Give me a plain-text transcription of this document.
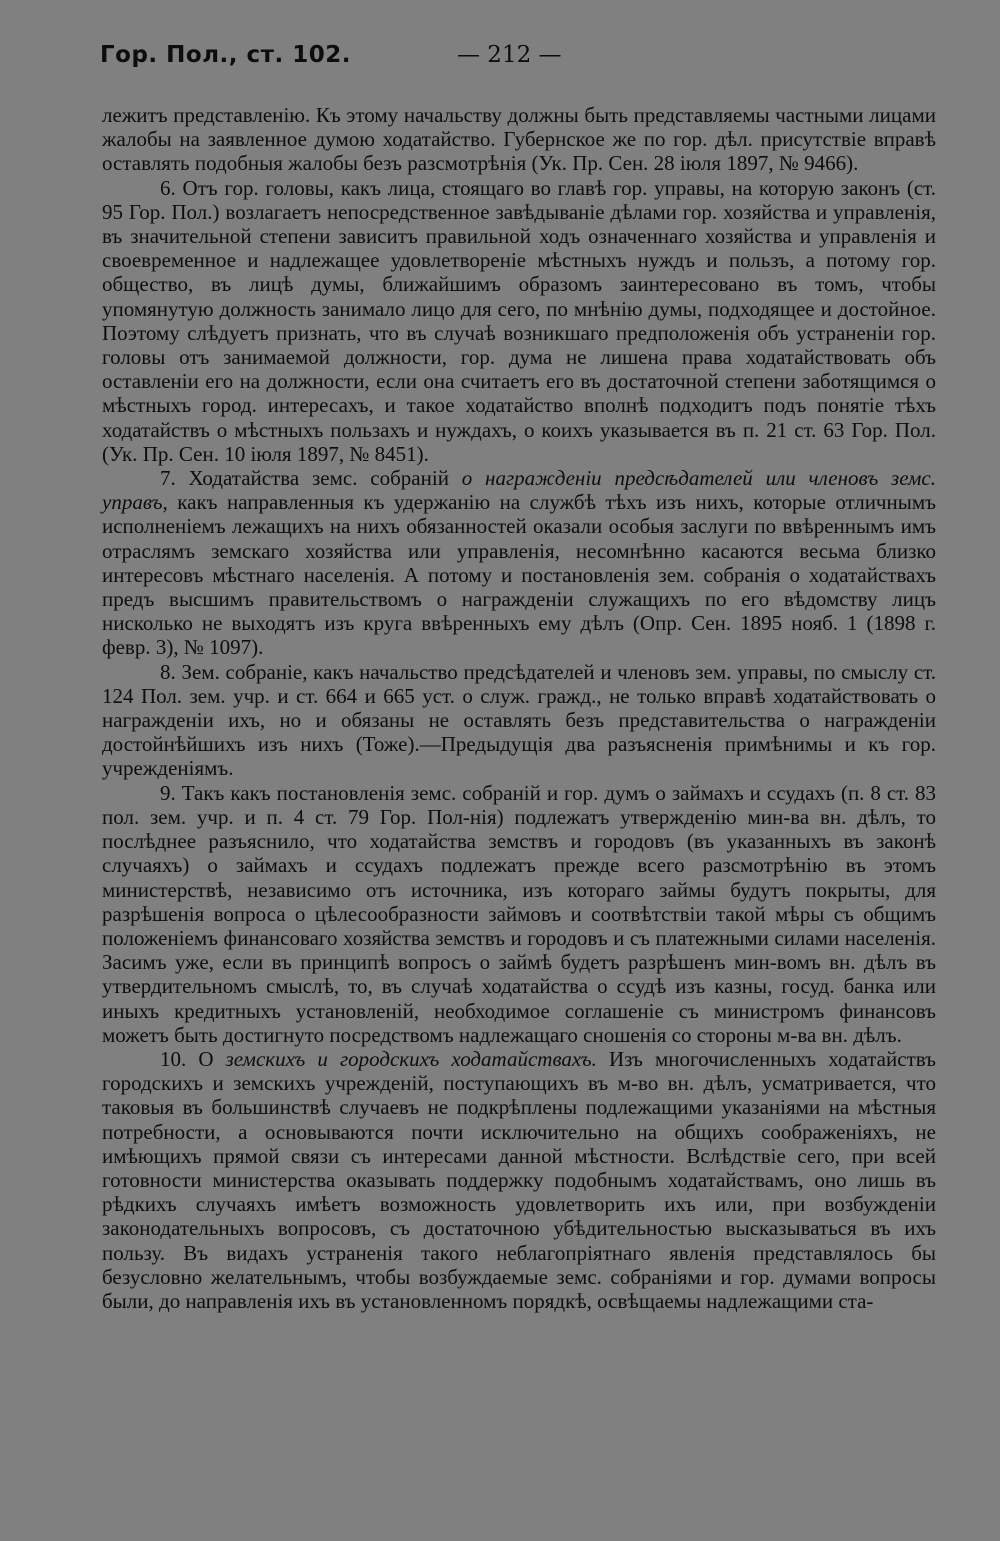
Гор. Пол., ст. 102.	— 212 —

лежитъ представленію. Къ этому начальству должны быть представляемы частными лицами жалобы на заявленное думою ходатайство. Губернское же по гор. дѣл. присутствіе вправѣ оставлять подобныя жалобы безъ разсмотрѣнія (Ук. Пр. Сен. 28 іюля 1897, № 9466).

6. Отъ гор. головы, какъ лица, стоящаго во главѣ гор. управы, на которую законъ (ст. 95 Гор. Пол.) возлагаетъ непосредственное завѣдываніе дѣлами гор. хозяйства и управленія, въ значительной степени зависитъ правильной ходъ означеннаго хозяйства и управленія и своевременное и надлежащее удовлетвореніе мѣстныхъ нуждъ и пользъ, а потому гор. общество, въ лицѣ думы, ближайшимъ образомъ заинтересовано въ томъ, чтобы упомянутую должность занимало лицо для сего, по мнѣнію думы, подходящее и достойное. Поэтому слѣдуетъ признать, что въ случаѣ возникшаго предположенія объ устраненіи гор. головы отъ занимаемой должности, гор. дума не лишена права ходатайствовать объ оставленіи его на должности, если она считаетъ его въ достаточной степени заботящимся о мѣстныхъ город. интересахъ, и такое ходатайство вполнѣ подходитъ подъ понятіе тѣхъ ходатайствъ о мѣстныхъ пользахъ и нуждахъ, о коихъ указывается въ п. 21 ст. 63 Гор. Пол. (Ук. Пр. Сен. 10 іюля 1897, № 8451).

7. Ходатайства земс. собраній о награжденіи предсѣдателей или членовъ земс. управъ, какъ направленныя къ удержанію на службѣ тѣхъ изъ нихъ, которые отличнымъ исполненіемъ лежащихъ на нихъ обязанностей оказали особыя заслуги по ввѣреннымъ имъ отраслямъ земскаго хозяйства или управленія, несомнѣнно касаются весьма близко интересовъ мѣстнаго населенія. А потому и постановленія зем. собранія о ходатайствахъ предъ высшимъ правительствомъ о награжденіи служащихъ по его вѣдомству лицъ нисколько не выходятъ изъ круга ввѣренныхъ ему дѣлъ (Опр. Сен. 1895 нояб. 1 (1898 г. февр. 3), № 1097).

8. Зем. собраніе, какъ начальство предсѣдателей и членовъ зем. управы, по смыслу ст. 124 Пол. зем. учр. и ст. 664 и 665 уст. о служ. гражд., не только вправѣ ходатайствовать о награжденіи ихъ, но и обязаны не оставлять безъ представительства о награжденіи достойнѣйшихъ изъ нихъ (Тоже).—Предыдущія два разъясненія примѣнимы и къ гор. учрежденіямъ.

9. Такъ какъ постановленія земс. собраній и гор. думъ о займахъ и ссудахъ (п. 8 ст. 83 пол. зем. учр. и п. 4 ст. 79 Гор. Пол-нія) подлежатъ утвержденію мин-ва вн. дѣлъ, то послѣднее разъяснило, что ходатайства земствъ и городовъ (въ указанныхъ въ законѣ случаяхъ) о займахъ и ссудахъ подлежатъ прежде всего разсмотрѣнію въ этомъ министерствѣ, независимо отъ источника, изъ котораго займы будутъ покрыты, для разрѣшенія вопроса о цѣлесообразности займовъ и соотвѣтствіи такой мѣры съ общимъ положеніемъ финансоваго хозяйства земствъ и городовъ и съ платежными силами населенія. Засимъ уже, если въ принципѣ вопросъ о займѣ будетъ разрѣшенъ мин-вомъ вн. дѣлъ въ утвердительномъ смыслѣ, то, въ случаѣ ходатайства о ссудѣ изъ казны, госуд. банка или иныхъ кредитныхъ установленій, необходимое соглашеніе съ министромъ финансовъ можетъ быть достигнуто посредствомъ надлежащаго сношенія со стороны м-ва вн. дѣлъ.

10. О земскихъ и городскихъ ходатайствахъ. Изъ многочисленныхъ ходатайствъ городскихъ и земскихъ учрежденій, поступающихъ въ м-во вн. дѣлъ, усматривается, что таковыя въ большинствѣ случаевъ не подкрѣплены подлежащими указаніями на мѣстныя потребности, а основываются почти исключительно на общихъ соображеніяхъ, не имѣющихъ прямой связи съ интересами данной мѣстности. Вслѣдствіе сего, при всей готовности министерства оказывать поддержку подобнымъ ходатайствамъ, оно лишь въ рѣдкихъ случаяхъ имѣетъ возможность удовлетворить ихъ или, при возбужденіи законодательныхъ вопросовъ, съ достаточною убѣдительностью высказываться въ ихъ пользу. Въ видахъ устраненія такого неблагопріятнаго явленія представлялось бы безусловно желательнымъ, чтобы возбуждаемые земс. собраніями и гор. думами вопросы были, до направленія ихъ въ установленномъ порядкѣ, освѣщаемы надлежащими ста-
